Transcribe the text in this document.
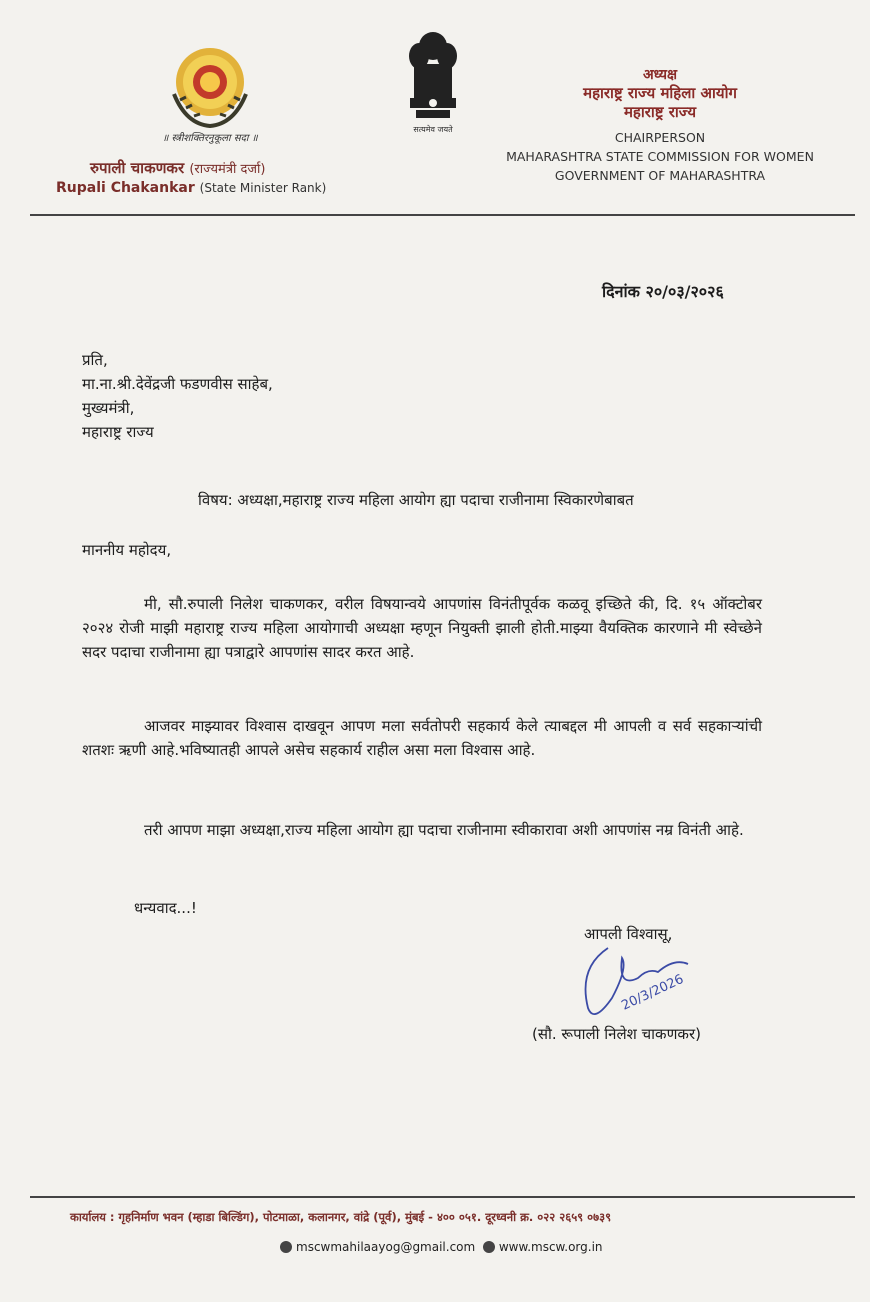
॥ स्त्रीशक्तिरनुकूला सदा ॥
रुपाली चाकणकर (राज्यमंत्री दर्जा)
Rupali Chakankar (State Minister Rank)
सत्यमेव जयते
अध्यक्ष
महाराष्ट्र राज्य महिला आयोग
महाराष्ट्र राज्य
CHAIRPERSON
MAHARASHTRA STATE COMMISSION FOR WOMEN
GOVERNMENT OF MAHARASHTRA
दिनांक २०/०३/२०२६
प्रति,
मा.ना.श्री.देवेंद्रजी फडणवीस साहेब,
मुख्यमंत्री,
महाराष्ट्र राज्य
विषय: अध्यक्षा,महाराष्ट्र राज्य महिला आयोग ह्या पदाचा राजीनामा स्विकारणेबाबत
माननीय महोदय,
मी, सौ.रुपाली निलेश चाकणकर, वरील विषयान्वये आपणांस विनंतीपूर्वक कळवू इच्छिते की, दि. १५ ऑक्टोबर २०२४ रोजी माझी महाराष्ट्र राज्य महिला आयोगाची अध्यक्षा म्हणून नियुक्ती झाली होती.माझ्या वैयक्तिक कारणाने मी स्वेच्छेने सदर पदाचा राजीनामा ह्या पत्राद्वारे आपणांस सादर करत आहे.
आजवर माझ्यावर विश्वास दाखवून आपण मला सर्वतोपरी सहकार्य केले त्याबद्दल मी आपली व सर्व सहकाऱ्यांची शतशः ऋणी आहे.भविष्यातही आपले असेच सहकार्य राहील असा मला विश्वास आहे.
तरी आपण माझा अध्यक्षा,राज्य महिला आयोग ह्या पदाचा राजीनामा स्वीकारावा अशी आपणांस नम्र विनंती आहे.
धन्यवाद...!
आपली विश्वासू,
20/3/2026
(सौ. रूपाली निलेश चाकणकर)
कार्यालय : गृहनिर्माण भवन (म्हाडा बिल्डिंग), पोटमाळा, कलानगर, वांद्रे (पूर्व), मुंबई - ४०० ०५१. दूरध्वनी क्र. ०२२ २६५९ ०७३९
mscwmahilaayog@gmail.com www.mscw.org.in
